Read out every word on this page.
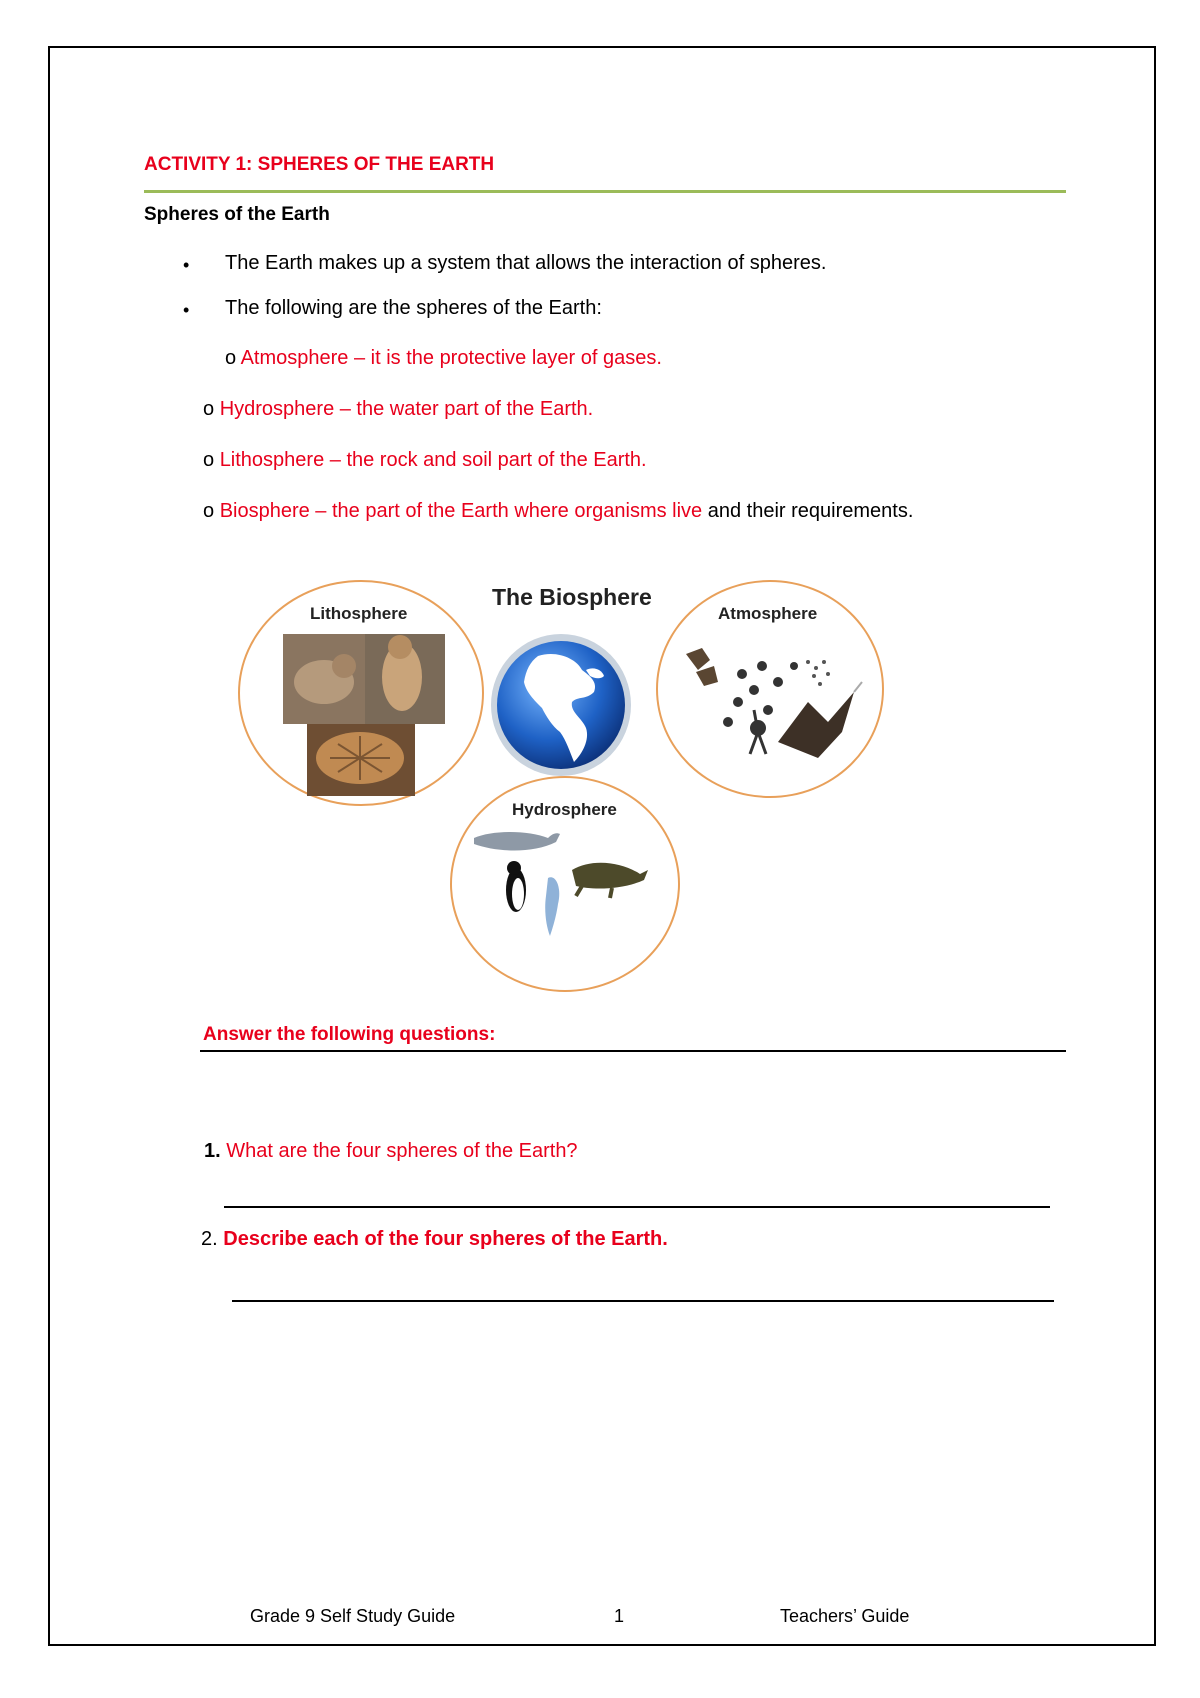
ACTIVITY 1: SPHERES OF THE EARTH
Spheres of the Earth
• The Earth makes up a system that allows the interaction of spheres.
• The following are the spheres of the Earth:
o Atmosphere – it is the protective layer of gases.
o Hydrosphere – the water part of the Earth.
o Lithosphere – the rock and soil part of the Earth.
o Biosphere – the part of the Earth where organisms live and their requirements.
Lithosphere
The Biosphere
Atmosphere
Hydrosphere
Answer the following questions:
1. What are the four spheres of the Earth?
2. Describe each of the four spheres of the Earth.
Grade 9 Self Study Guide	1	Teachers’ Guide
